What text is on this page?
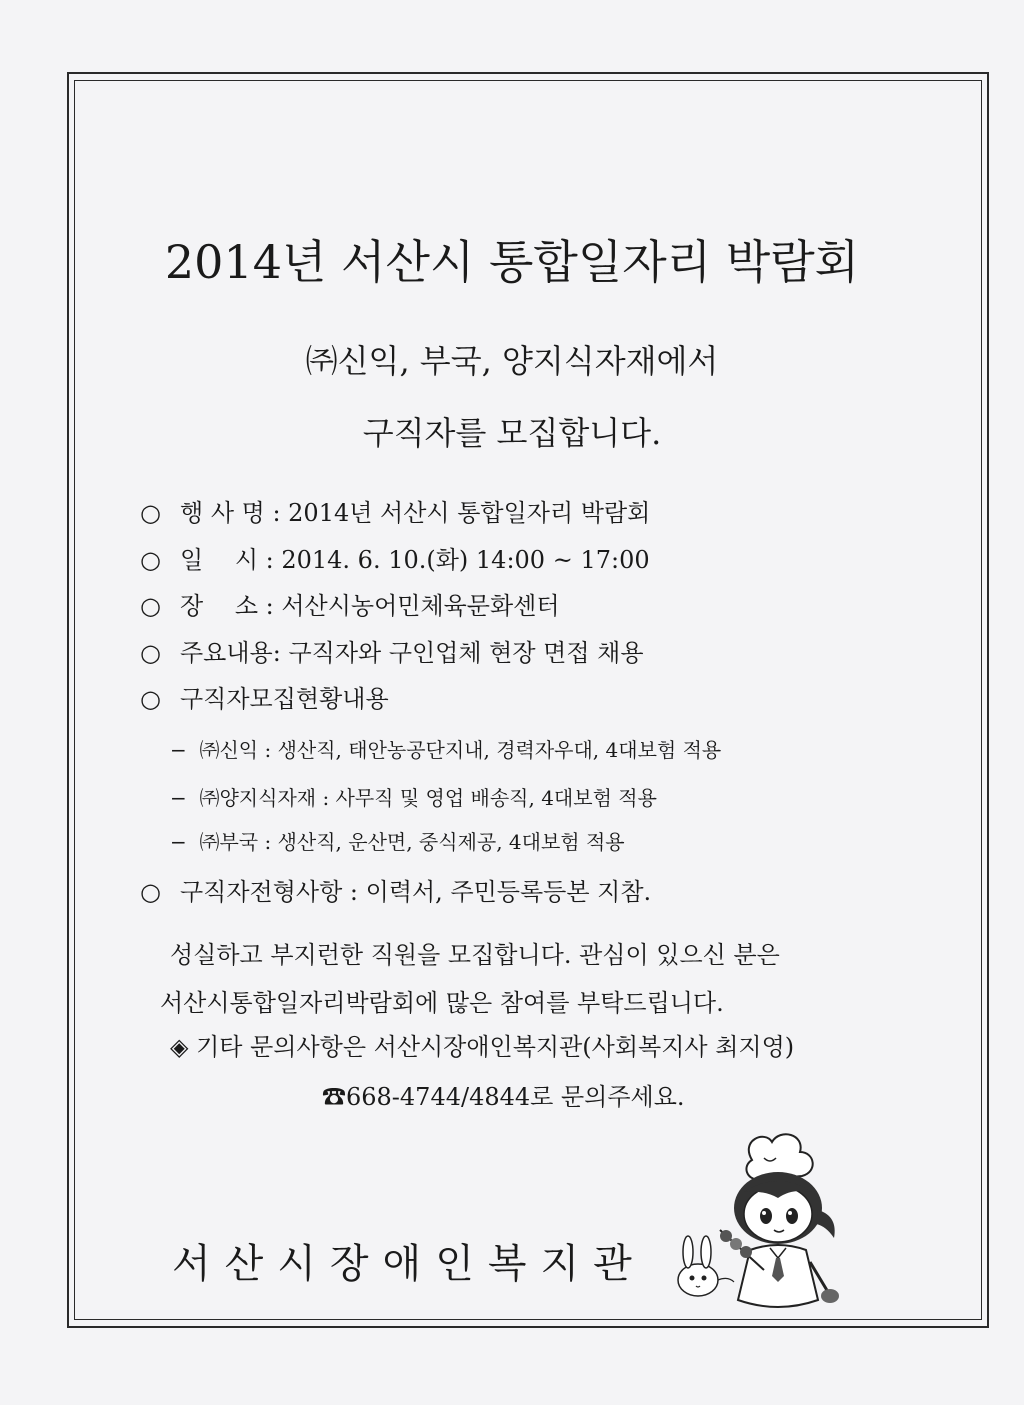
2014년 서산시 통합일자리 박람회
㈜신익, 부국, 양지식자재에서
구직자를 모집합니다.
○ 행 사 명 : 2014년 서산시 통합일자리 박람회
○ 일　 시 : 2014. 6. 10.(화) 14:00 ~ 17:00
○ 장　 소 : 서산시농어민체육문화센터
○ 주요내용: 구직자와 구인업체 현장 면접 채용
○ 구직자모집현황내용
− ㈜신익 : 생산직, 태안농공단지내, 경력자우대, 4대보험 적용
− ㈜양지식자재 : 사무직 및 영업 배송직, 4대보험 적용
− ㈜부국 : 생산직, 운산면, 중식제공, 4대보험 적용
○ 구직자전형사항 : 이력서, 주민등록등본 지참.
성실하고 부지런한 직원을 모집합니다. 관심이 있으신 분은
서산시통합일자리박람회에 많은 참여를 부탁드립니다.
◈ 기타 문의사항은 서산시장애인복지관(사회복지사 최지영)
☎668-4744/4844로 문의주세요.
서산시장애인복지관
